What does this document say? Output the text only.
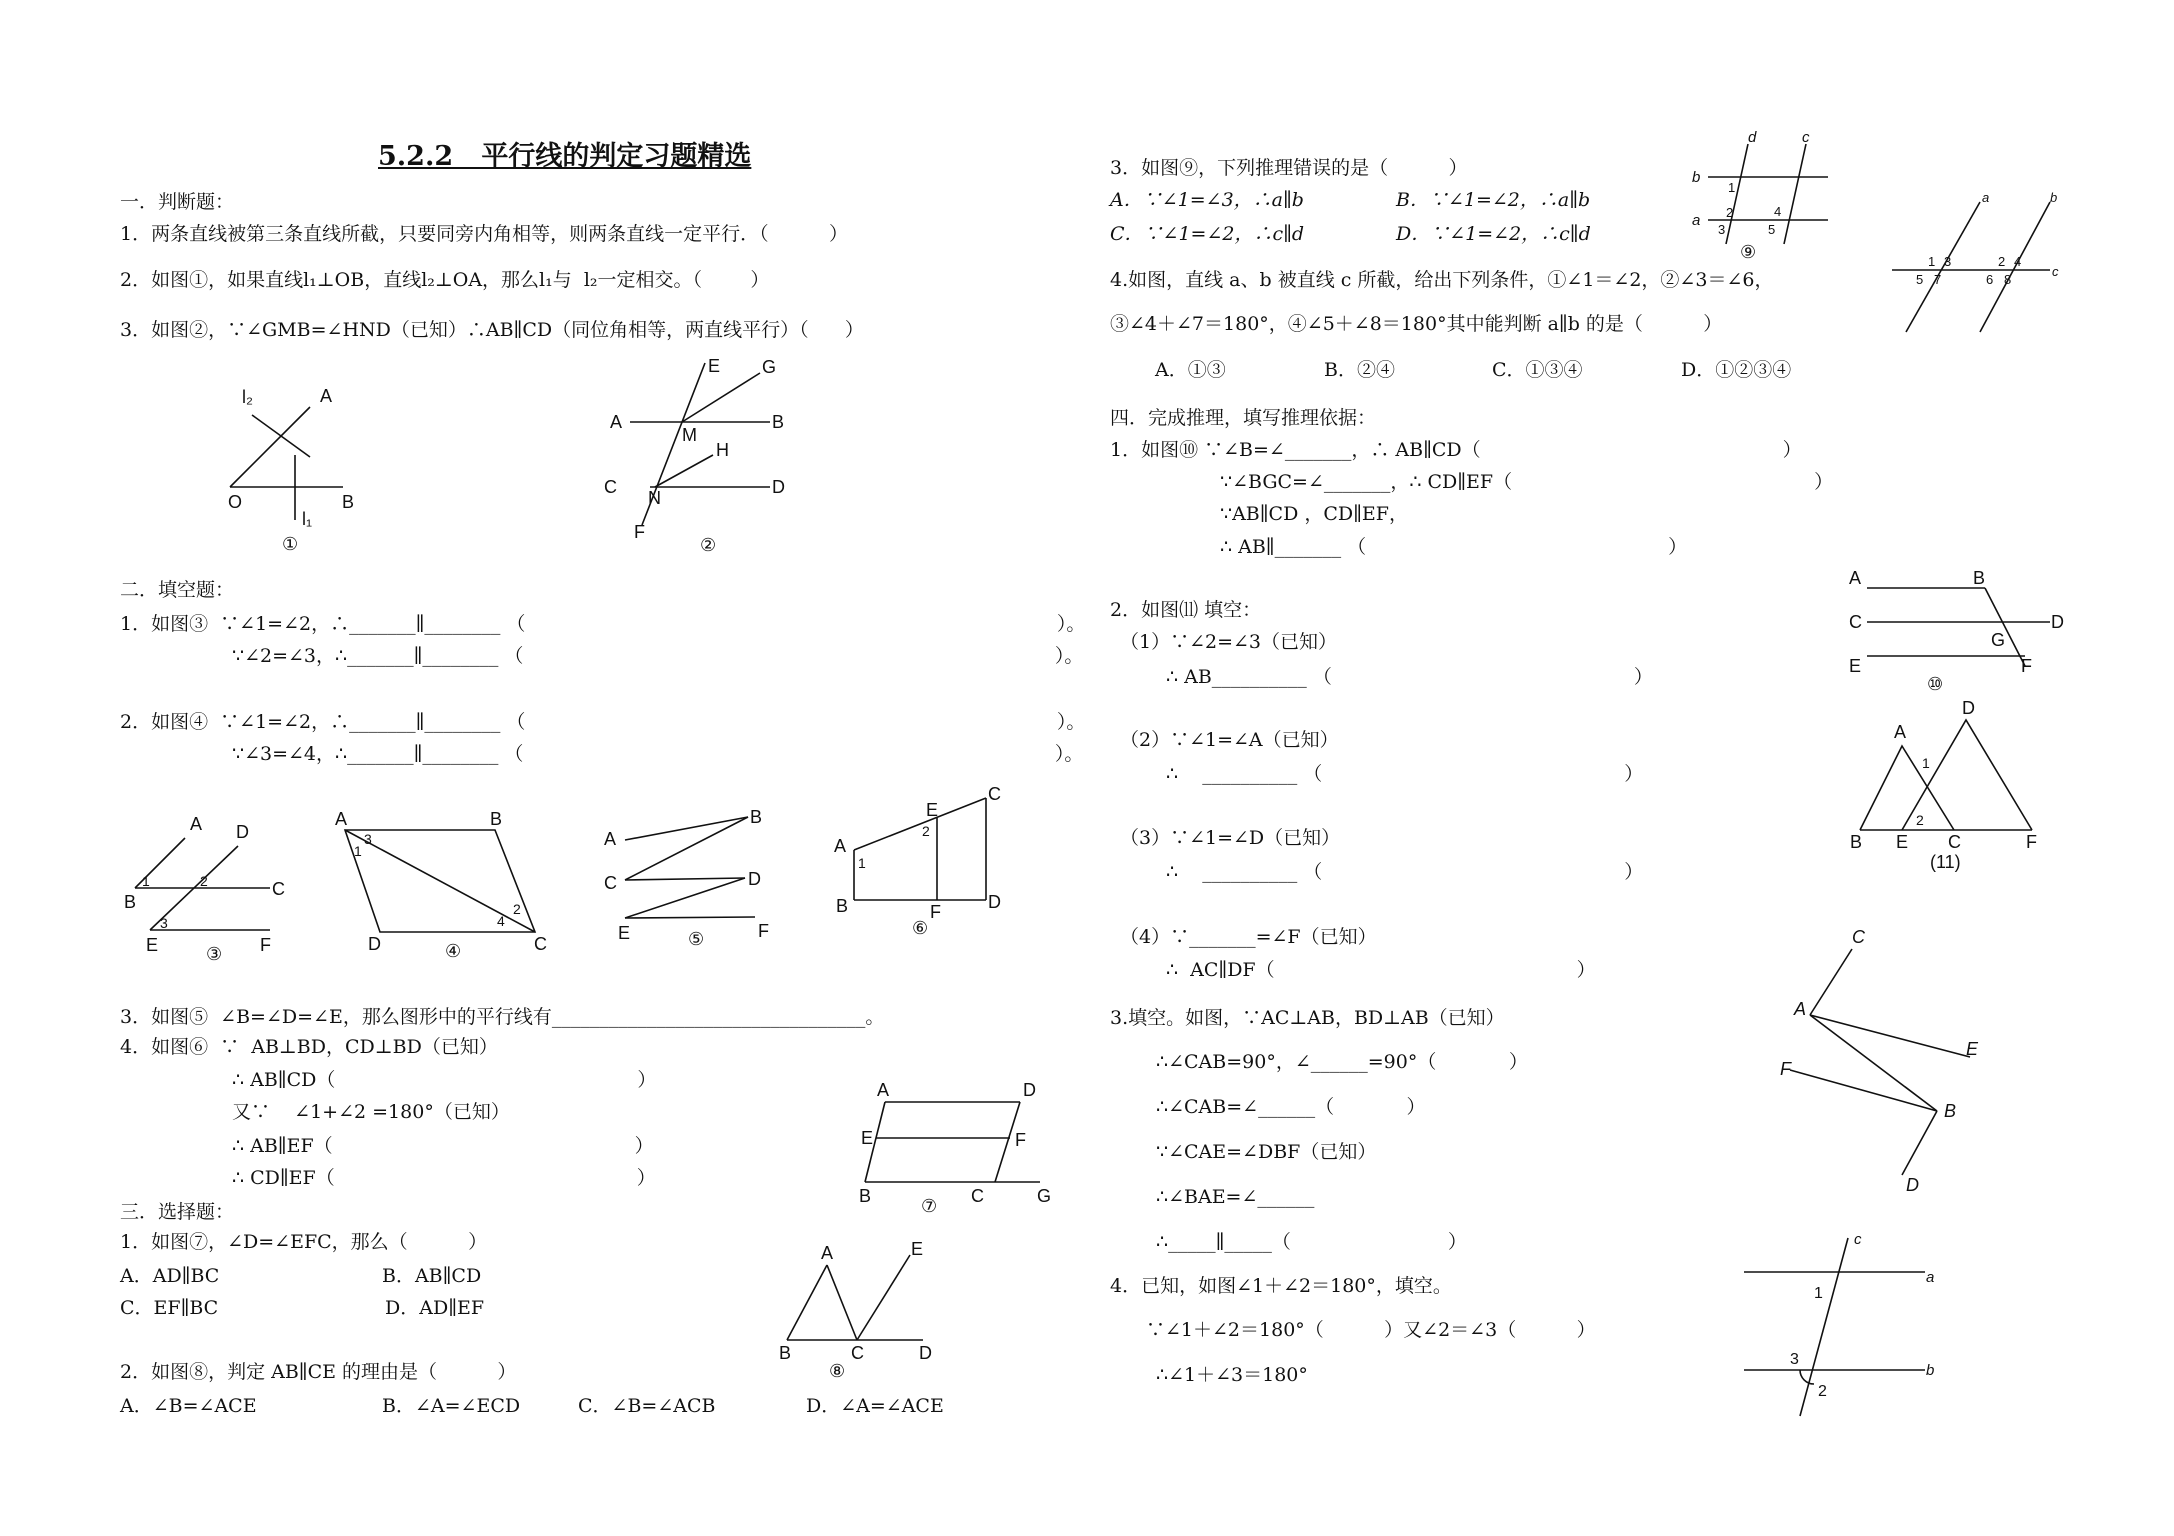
5.2.2   平行线的判定习题精选
一．判断题：
1．两条直线被第三条直线所截，只要同旁内角相等，则两条直线一定平行．（          ）
2．如图①，如果直线l₁⊥OB，直线l₂⊥OA，那么l₁与  l₂一定相交。（        ）
3．如图②，∵∠GMB=∠HND（已知）∴AB∥CD（同位角相等，两直线平行）（      ）
l₂	A
O	B
l₁
①
E G
A	B
M
H
C
N
D
F
②
二．填空题：
1．如图③  ∵∠1=∠2，∴_______∥________ （                                                                                        ）。
∵∠2=∠3，∴_______∥________ （                                                                                        ）。
2．如图④  ∵∠1=∠2，∴_______∥________ （                                                                                        ）。
∵∠3=∠4，∴_______∥________ （                                                                                        ）。
A D
1	2	C
B
3
E	F
③
A	B
3
1
2
4
D	C
④
A
B
C	D
E	F
⑤
A
1
E
2
C
B	F	D
⑥
3．如图⑤  ∠B=∠D=∠E，那么图形中的平行线有_________________________________。
4．如图⑥  ∵  AB⊥BD，CD⊥BD（已知）
∴ AB∥CD（                                                  ）
又∵    ∠1+∠2 =180°（已知）
∴ AB∥EF（                                                  ）
∴ CD∥EF（                                                  ）
A	D
E	F
B	C	G
⑦
三．选择题：
1．如图⑦，∠D=∠EFC，那么（          ）
A．AD∥BC	B．AB∥CD
C．EF∥BC	D．AD∥EF
2．如图⑧，判定 AB∥CE 的理由是（          ）
A．∠B=∠ACE	B．∠A=∠ECD	C．∠B=∠ACB	D．∠A=∠ACE
A	E
B	C	D
⑧
3．如图⑨，下列推理错误的是（          ）
A．∵∠1=∠3，∴a∥b	B．∵∠1=∠2，∴a∥b
C．∵∠1=∠2，∴c∥d	D．∵∠1=∠2，∴c∥d
d	c
b
1
a 2
3
4
5
⑨
a	b
1 3	2 4
c
5 7	6 8
4.如图，直线 a、b 被直线 c 所截，给出下列条件，①∠1＝∠2，②∠3＝∠6，
③∠4＋∠7＝180°，④∠5＋∠8＝180°其中能判断 a∥b 的是（          ）
A．①③	B．②④	C．①③④	D．①②③④
四．完成推理，填写推理依据：
1．如图⑩ ∵∠B=∠_______，∴ AB∥CD（                                                  ）
∵∠BGC=∠_______，∴ CD∥EF（                                                  ）
∵AB∥CD ，CD∥EF，
∴ AB∥_______ （                                                  ）
A	B
C	D
G
E	F
⑩
2．如图⑾ 填空：
（1）∵∠2=∠3（已知）
∴ AB__________ （                                                  ）
（2）∵∠1=∠A（已知）
∴    __________ （                                                  ）
（3）∵∠1=∠D（已知）
∴    __________ （                                                  ）
（4）∵_______=∠F（已知）
∴  AC∥DF（                                                  ）
A
D
1
2
B E C	F
(11)
3.填空。如图，∵AC⊥AB，BD⊥AB（已知）
∴∠CAB=90°，∠______=90°（            ）
∴∠CAB=∠______（            ）
∵∠CAE=∠DBF（已知）
∴∠BAE=∠______
∴_____∥_____（                          ）
C
A
E
F
B
D
4．已知，如图∠1＋∠2＝180°，填空。
∵∠1＋∠2＝180°（          ）又∠2＝∠3（          ）
∴∠1＋∠3＝180°
c
a
1
3
b
2
